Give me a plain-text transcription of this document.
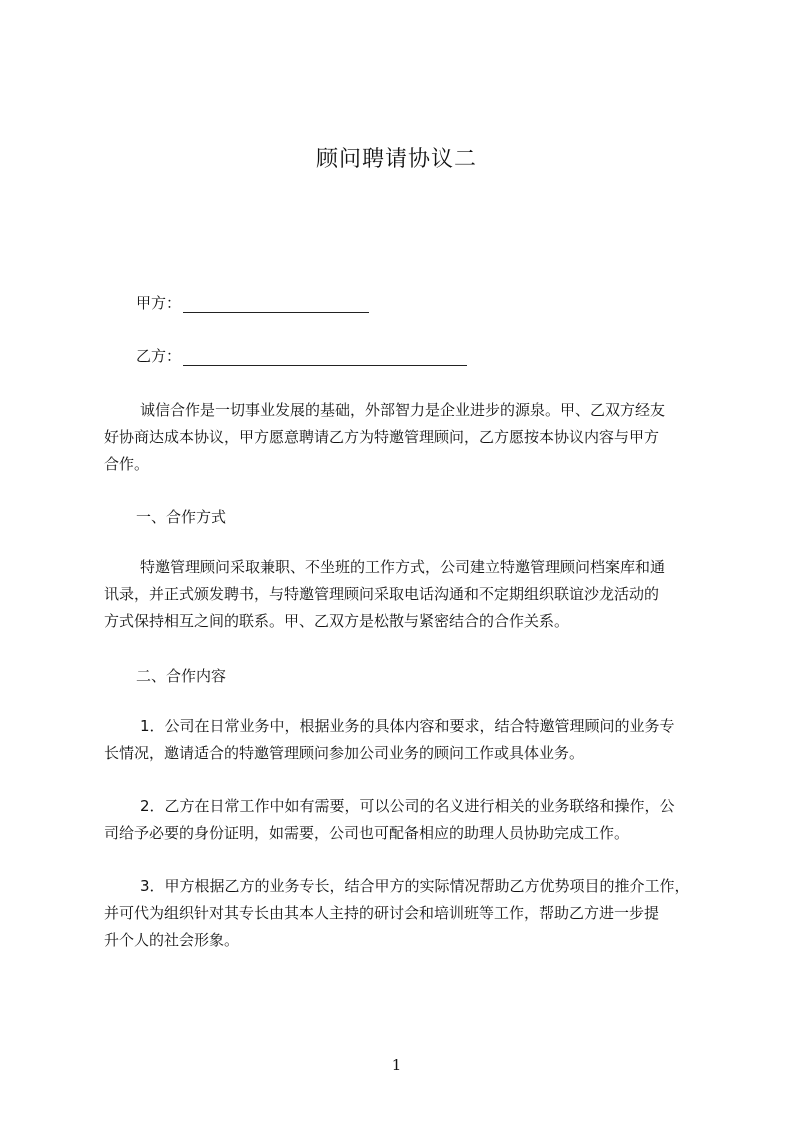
顾问聘请协议二
甲方：
乙方：
诚信合作是一切事业发展的基础，外部智力是企业进步的源泉。甲、乙双方经友
好协商达成本协议，甲方愿意聘请乙方为特邀管理顾问，乙方愿按本协议内容与甲方
合作。
一、合作方式
特邀管理顾问采取兼职、不坐班的工作方式，公司建立特邀管理顾问档案库和通
讯录，并正式颁发聘书，与特邀管理顾问采取电话沟通和不定期组织联谊沙龙活动的
方式保持相互之间的联系。甲、乙双方是松散与紧密结合的合作关系。
二、合作内容
1．公司在日常业务中，根据业务的具体内容和要求，结合特邀管理顾问的业务专
长情况，邀请适合的特邀管理顾问参加公司业务的顾问工作或具体业务。
2．乙方在日常工作中如有需要，可以公司的名义进行相关的业务联络和操作，公
司给予必要的身份证明，如需要，公司也可配备相应的助理人员协助完成工作。
3．甲方根据乙方的业务专长，结合甲方的实际情况帮助乙方优势项目的推介工作，
并可代为组织针对其专长由其本人主持的研讨会和培训班等工作，帮助乙方进一步提
升个人的社会形象。
1
